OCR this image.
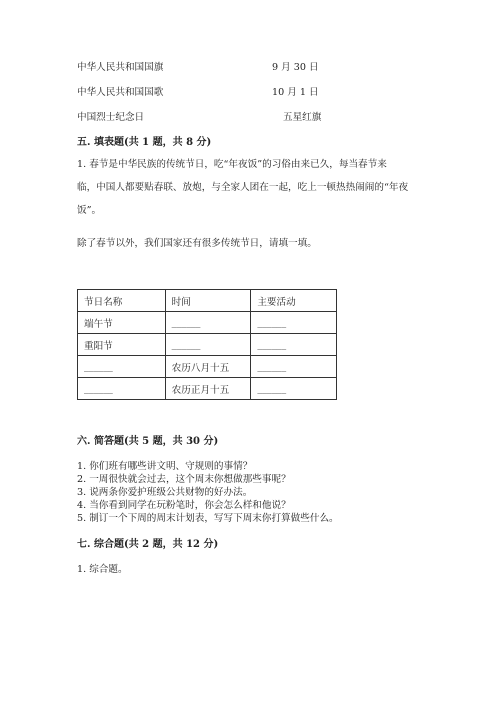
中华人民共和国国旗	9 月 30 日
中华人民共和国国歌	10 月 1 日
中国烈士纪念日	五星红旗
五. 填表题(共 1 题，共 8 分)
1. 春节是中华民族的传统节日，吃“年夜饭”的习俗由来已久，每当春节来
临，中国人都要贴春联、放炮，与全家人团在一起，吃上一顿热热闹闹的“年夜
饭”。
除了春节以外，我们国家还有很多传统节日，请填一填。
节日名称	时间	主要活动
端午节	______	______
重阳节	______	______
______	农历八月十五	______
______	农历正月十五	______
六. 简答题(共 5 题，共 30 分)
1. 你们班有哪些讲文明、守规则的事情？
2. 一周很快就会过去，这个周末你想做那些事呢？
3. 说两条你爱护班级公共财物的好办法。
4. 当你看到同学在玩粉笔时，你会怎么样和他说？
5. 制订一个下周的周末计划表，写写下周末你打算做些什么。
七. 综合题(共 2 题，共 12 分)
1. 综合题。
